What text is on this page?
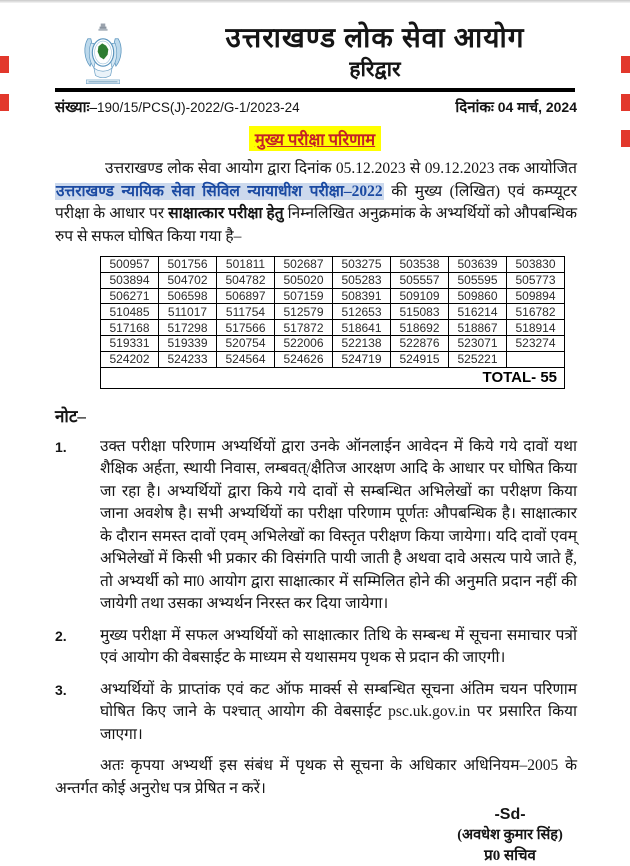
उत्तराखण्ड लोक सेवा आयोग
हरिद्वार
संख्याः–190/15/PCS(J)-2022/G-1/2023-24	दिनांकः 04 मार्च, 2024
मुख्य परीक्षा परिणाम

उत्तराखण्ड लोक सेवा आयोग द्वारा दिनांक 05.12.2023 से 09.12.2023 तक आयोजित उत्तराखण्ड न्यायिक सेवा सिविल न्यायाधीश परीक्षा–2022 की मुख्य (लिखित) एवं कम्प्यूटर परीक्षा के आधार पर साक्षात्कार परीक्षा हेतु निम्नलिखित अनुक्रमांक के अभ्यर्थियों को औपबन्धिक रुप से सफल घोषित किया गया है–

500957	501756	501811	502687	503275	503538	503639	503830
503894	504702	504782	505020	505283	505557	505595	505773
506271	506598	506897	507159	508391	509109	509860	509894
510485	511017	511754	512579	512653	515083	516214	516782
517168	517298	517566	517872	518641	518692	518867	518914
519331	519339	520754	522006	522138	522876	523071	523274
524202	524233	524564	524626	524719	524915	525221	
TOTAL- 55							
नोट–
1.	उक्त परीक्षा परिणाम अभ्यर्थियों द्वारा उनके ऑनलाईन आवेदन में किये गये दावों यथा शैक्षिक अर्हता, स्थायी निवास, लम्बवत्/क्षैतिज आरक्षण आदि के आधार पर घोषित किया जा रहा है। अभ्यर्थियों द्वारा किये गये दावों से सम्बन्धित अभिलेखों का परीक्षण किया जाना अवशेष है। सभी अभ्यर्थियों का परीक्षा परिणाम पूर्णतः औपबन्धिक है। साक्षात्कार के दौरान समस्त दावों एवम् अभिलेखों का विस्तृत परीक्षण किया जायेगा। यदि दावों एवम् अभिलेखों में किसी भी प्रकार की विसंगति पायी जाती है अथवा दावे असत्य पाये जाते हैं, तो अभ्यर्थी को मा0 आयोग द्वारा साक्षात्कार में सम्मिलित होने की अनुमति प्रदान नहीं की जायेगी तथा उसका अभ्यर्थन निरस्त कर दिया जायेगा।
2.	मुख्य परीक्षा में सफल अभ्यर्थियों को साक्षात्कार तिथि के सम्बन्ध में सूचना समाचार पत्रों एवं आयोग की वेबसाईट के माध्यम से यथासमय पृथक से प्रदान की जाएगी।
3.	अभ्यर्थियों के प्राप्तांक एवं कट ऑफ मार्क्स से सम्बन्धित सूचना अंतिम चयन परिणाम घोषित किए जाने के पश्चात् आयोग की वेबसाईट psc.uk.gov.in पर प्रसारित किया जाएगा।

अतः कृपया अभ्यर्थी इस संबंध में पृथक से सूचना के अधिकार अधिनियम–2005 के अन्तर्गत कोई अनुरोध पत्र प्रेषित न करें।

-Sd-
(अवधेश कुमार सिंह)
प्र0 सचिव
